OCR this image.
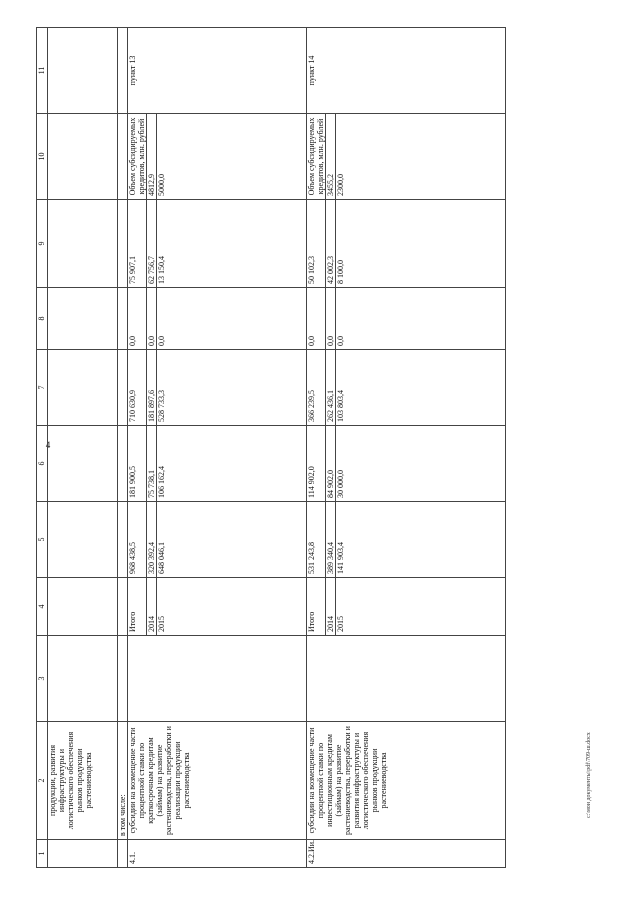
4
с:\мои документы\pdf\709-ш.docx
1	2	3	4	5	6	7	8	9	10	11
	продукции, развития инфраструктуры и логистического обеспечения рынков продукции растениеводства									
	в том числе:									
4.1.	субсидии на возмещение части процентной ставки по краткосрочным кредитам (займам) на развитие растениеводства, переработки и реализации продукции растениеводства		Итого	968 438,5	181 900,5	710 630,9	0,0	75 907,1	Объем субсидируемых кредитов, млн. рублей	пункт 13
			2014	320 392,4	75 738,1	181 897,6	0,0	62 756,7	4812,9	
			2015	648 046,1	106 162,4	528 733,3	0,0	13 150,4	5000,0	
4.2.Ии.	субсидии на возмещение части процентной ставки по инвестиционным кредитам (займам) на развитие растениеводства, переработки и развития инфраструктуры и логистического обеспечения рынков продукции растениеводства		Итого	531 243,8	114 902,0	366 239,5	0,0	50 102,3	Объем субсидируемых кредитов, млн. рублей	пункт 14
			2014	389 340,4	84 902,0	262 436,1	0,0	42 002,3	3455,2	
			2015	141 903,4	30 000,0	103 803,4	0,0	8 100,0	2300,0	
